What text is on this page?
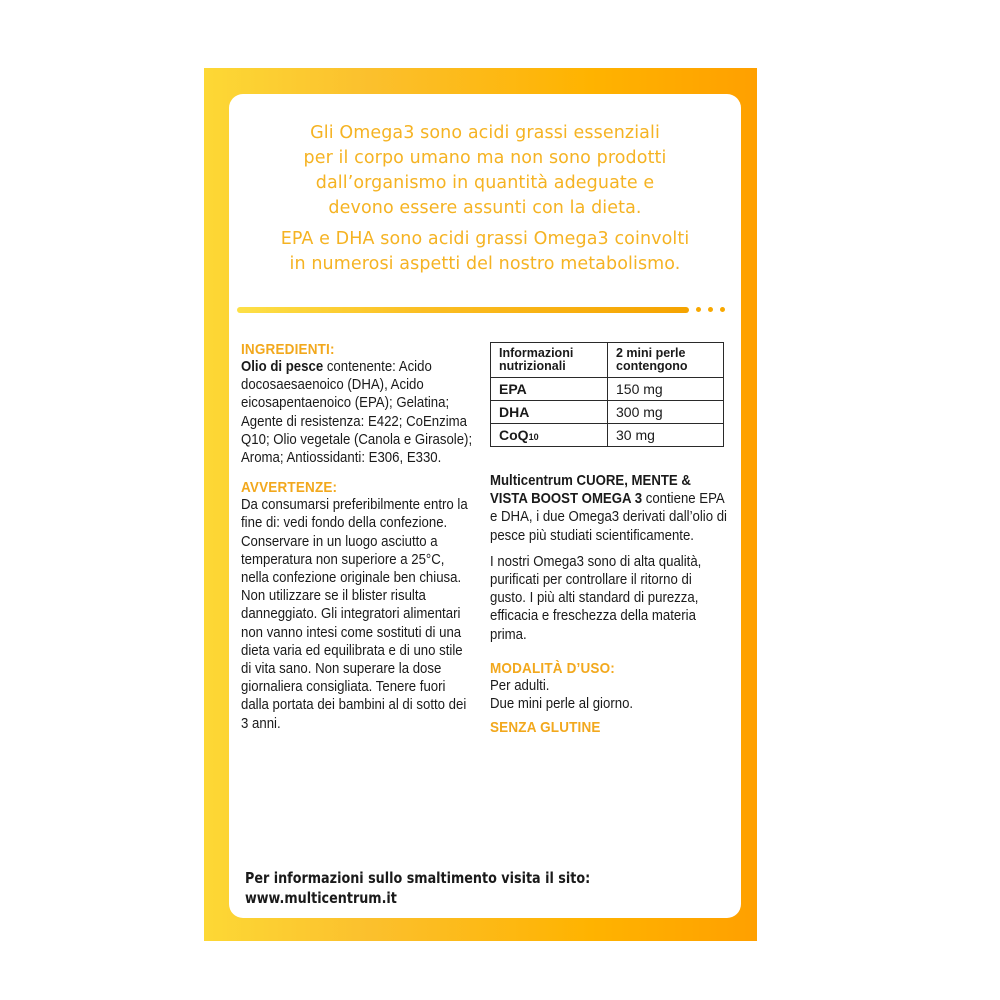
Gli Omega3 sono acidi grassi essenziali
per il corpo umano ma non sono prodotti
dall’organismo in quantità adeguate e
devono essere assunti con la dieta.

EPA e DHA sono acidi grassi Omega3 coinvolti
in numerosi aspetti del nostro metabolismo.

INGREDIENTI:

Olio di pesce contenente: Acido docosaesaenoico (DHA), Acido eicosapentaenoico (EPA); Gelatina; Agente di resistenza: E422; CoEnzima Q10; Olio vegetale (Canola e Girasole); Aroma; Antiossidanti: E306, E330.

AVVERTENZE:

Da consumarsi preferibilmente entro la fine di: vedi fondo della confezione. Conservare in un luogo asciutto a temperatura non superiore a 25°C, nella confezione originale ben chiusa. Non utilizzare se il blister risulta danneggiato. Gli integratori alimentari non vanno intesi come sostituti di una dieta varia ed equilibrata e di uno stile di vita sano. Non superare la dose giornaliera consigliata. Tenere fuori dalla portata dei bambini al di sotto dei 3 anni.

Informazioni nutrizionali	2 mini perle contengono
EPA	150 mg
DHA	300 mg
CoQ10	30 mg

Multicentrum CUORE, MENTE & VISTA BOOST OMEGA 3 contiene EPA e DHA, i due Omega3 derivati dall’olio di pesce più studiati scientificamente.

I nostri Omega3 sono di alta qualità, purificati per controllare il ritorno di gusto. I più alti standard di purezza, efficacia e freschezza della materia prima.

MODALITÀ D’USO:

Per adulti.

Due mini perle al giorno.

SENZA GLUTINE
Per informazioni sullo smaltimento visita il sito:
www.multicentrum.it
